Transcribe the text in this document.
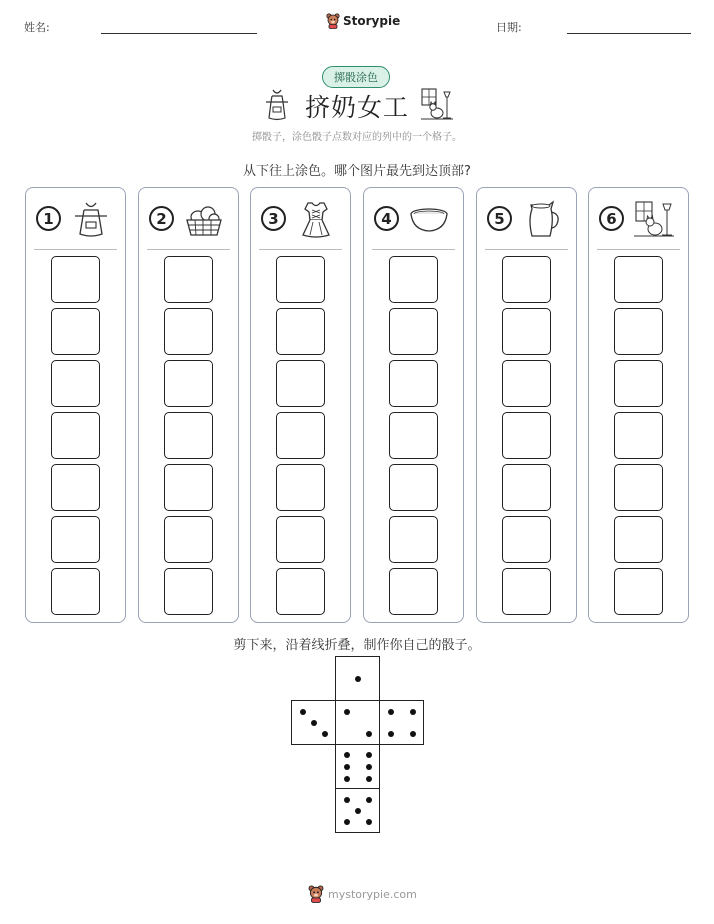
姓名:	Storypie	日期:
掷骰涂色
挤奶女工
掷骰子，涂色骰子点数对应的列中的一个格子。
从下往上涂色。哪个图片最先到达顶部?
1	2	3	4	5	6
剪下来，沿着线折叠，制作你自己的骰子。
mystorypie.com
